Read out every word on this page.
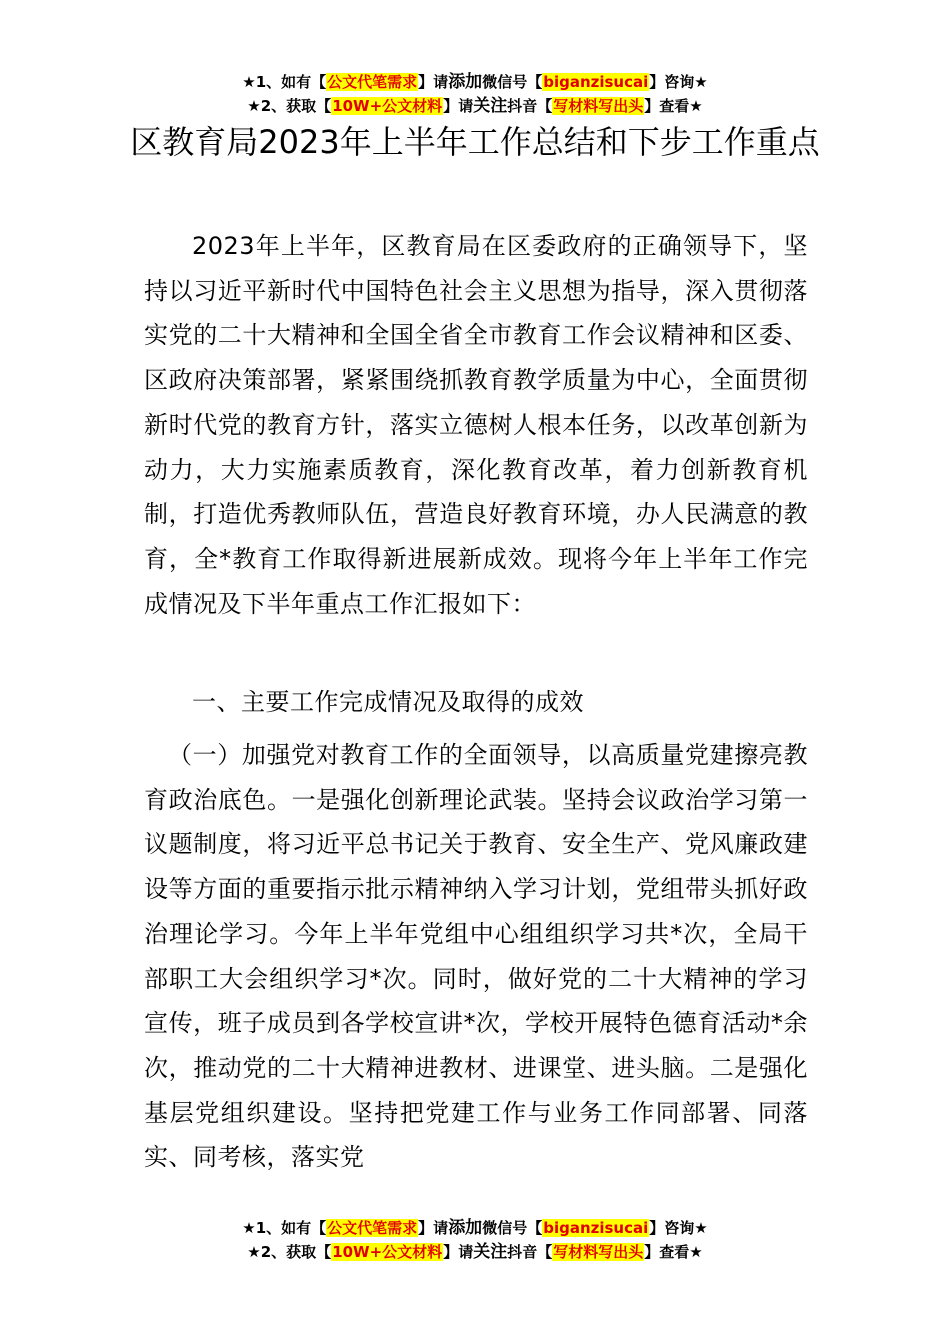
★1、如有【公文代笔需求】请添加微信号【biganzisucai】咨询★
★2、获取【10W+公文材料】请关注抖音【写材料写出头】查看★
区教育局2023年上半年工作总结和下步工作重点

2023年上半年，区教育局在区委政府的正确领导下，坚持以习近平新时代中国特色社会主义思想为指导，深入贯彻落实党的二十大精神和全国全省全市教育工作会议精神和区委、区政府决策部署，紧紧围绕抓教育教学质量为中心，全面贯彻新时代党的教育方针，落实立德树人根本任务，以改革创新为动力，大力实施素质教育，深化教育改革，着力创新教育机制，打造优秀教师队伍，营造良好教育环境，办人民满意的教育，全*教育工作取得新进展新成效。现将今年上半年工作完成情况及下半年重点工作汇报如下：

一、主要工作完成情况及取得的成效

（一）加强党对教育工作的全面领导，以高质量党建擦亮教育政治底色。一是强化创新理论武装。坚持会议政治学习第一议题制度，将习近平总书记关于教育、安全生产、党风廉政建设等方面的重要指示批示精神纳入学习计划，党组带头抓好政治理论学习。今年上半年党组中心组组织学习共*次，全局干部职工大会组织学习*次。同时，做好党的二十大精神的学习宣传，班子成员到各学校宣讲*次，学校开展特色德育活动*余次，推动党的二十大精神进教材、进课堂、进头脑。二是强化基层党组织建设。坚持把党建工作与业务工作同部署、同落实、同考核，落实党

★1、如有【公文代笔需求】请添加微信号【biganzisucai】咨询★
★2、获取【10W+公文材料】请关注抖音【写材料写出头】查看★
